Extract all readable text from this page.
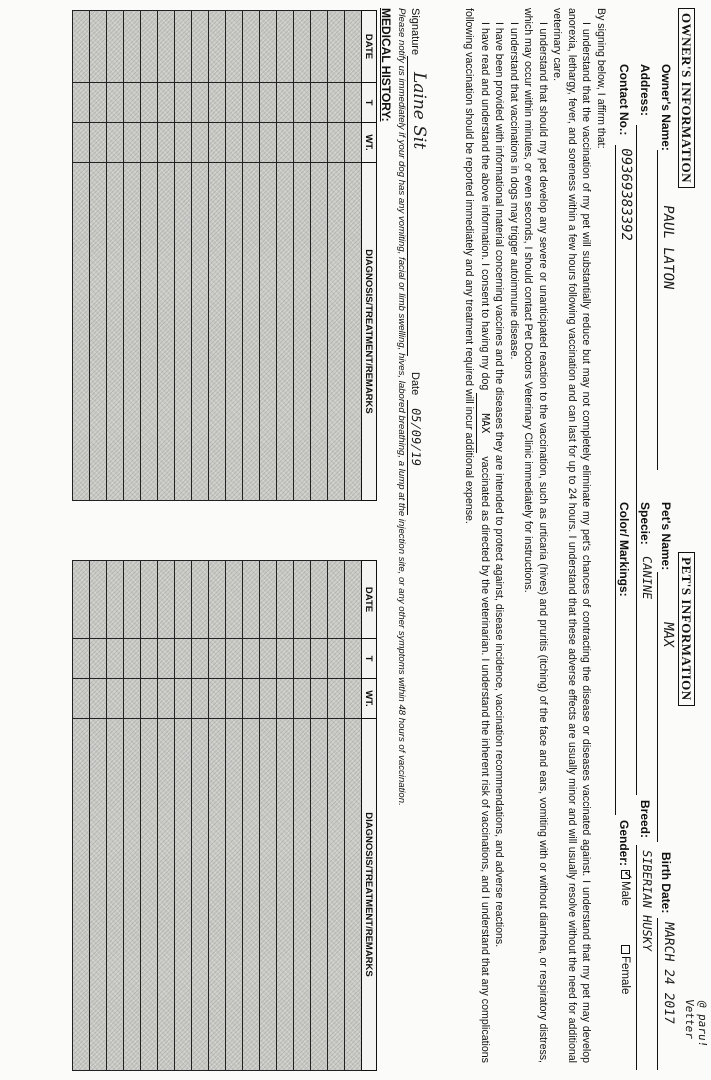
OWNER'S INFORMATION
Owner's Name:
PAUL LATON
Address:
Contact No.:
09369383392
PET'S INFORMATION
Pet's Name:
MAX
Birth Date:
MARCH 24 2017
Specie:
CANINE
Breed:
SIBERIAN HUSKY
Color/ Markings:
Gender:
✓
Male
Female
@ paru! Vetter
By signing below, I affirm that:
I understand that the vaccination of my pet will substantially reduce but may not completely eliminate my pet's chances of contracting the disease or diseases vaccinated against. I understand that my pet may develop anorexia, lethargy, fever, and soreness within a few hours following vaccination and can last for up to 24 hours. I understand that these adverse effects are usually minor and will usually resolve without the need for additional veterinary care.
I understand that should my pet develop any severe or unanticipated reaction to the vaccination, such as urticaria (hives) and pruritis (itching) of the face and ears, vomiting with or without diarrhea, or respiratory distress, which may occur within minutes, or even seconds, I should contact Pet Doctors Veterinary Clinic immediately for instructions.
I understand that vaccinations in dogs may trigger autoimmune disease.
I have been provided with informational material concerning vaccines and the diseases they are intended to protect against, disease incidence, vaccination recommendations, and adverse reactions.
I have read and understand the above information. I consent to having my dog MAX vaccinated as directed by the veterinarian. I understand the inherent risk of vaccinations, and I understand that any complications following vaccination should be reported immediately and any treatment required will incur additional expense.
Signature
Laine Sit
Date
05/09/19
Please notify us immediately if your dog has any vomiting, facial or limb swelling, hives, labored breathing, a lump at the injection site, or any other symptoms within 48 hours of vaccination.
MEDICAL HISTORY:
DATE	T	WT.	DIAGNOSIS/TREATMENT/REMARKS

DATE	T	WT.	DIAGNOSIS/TREATMENT/REMARKS
